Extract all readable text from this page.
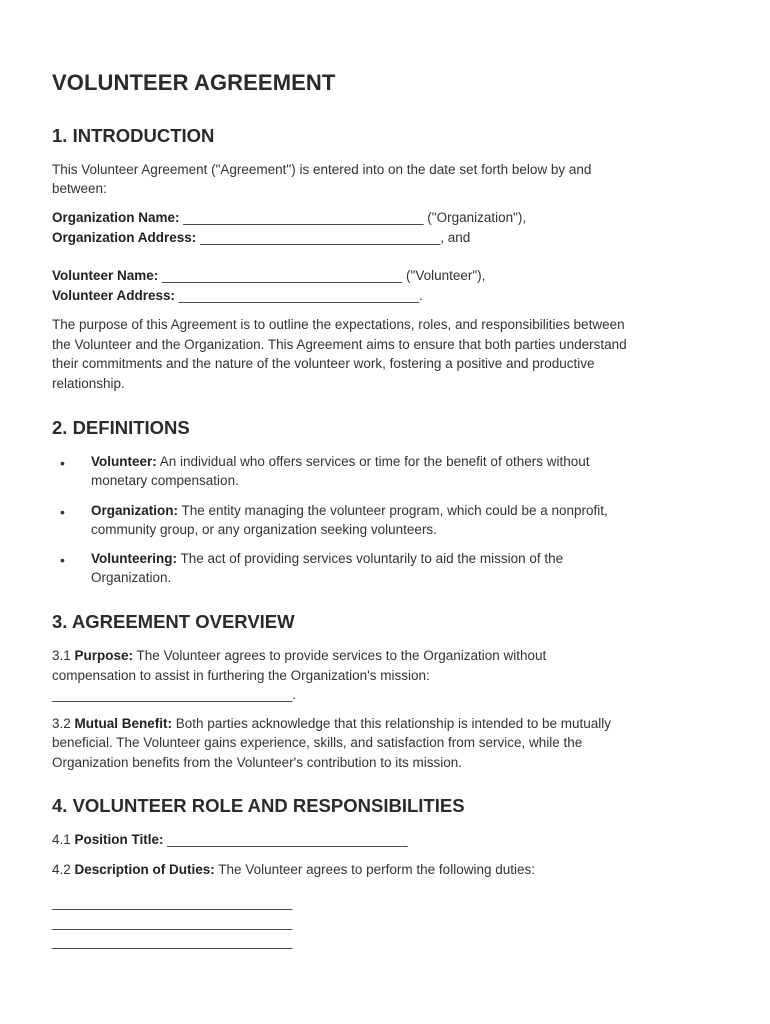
VOLUNTEER AGREEMENT
1. INTRODUCTION
This Volunteer Agreement ("Agreement") is entered into on the date set forth below by and
between:
Organization Name: ________________________________ ("Organization"),
Organization Address: ________________________________, and
Volunteer Name: ________________________________ ("Volunteer"),
Volunteer Address: ________________________________.
The purpose of this Agreement is to outline the expectations, roles, and responsibilities between
the Volunteer and the Organization. This Agreement aims to ensure that both parties understand
their commitments and the nature of the volunteer work, fostering a positive and productive
relationship.
2. DEFINITIONS
• Volunteer: An individual who offers services or time for the benefit of others without
monetary compensation.
• Organization: The entity managing the volunteer program, which could be a nonprofit,
community group, or any organization seeking volunteers.
• Volunteering: The act of providing services voluntarily to aid the mission of the
Organization.
3. AGREEMENT OVERVIEW
3.1 Purpose: The Volunteer agrees to provide services to the Organization without
compensation to assist in furthering the Organization's mission:
________________________________.
3.2 Mutual Benefit: Both parties acknowledge that this relationship is intended to be mutually
beneficial. The Volunteer gains experience, skills, and satisfaction from service, while the
Organization benefits from the Volunteer's contribution to its mission.
4. VOLUNTEER ROLE AND RESPONSIBILITIES
4.1 Position Title: ________________________________
4.2 Description of Duties: The Volunteer agrees to perform the following duties:
________________________________
________________________________
________________________________
